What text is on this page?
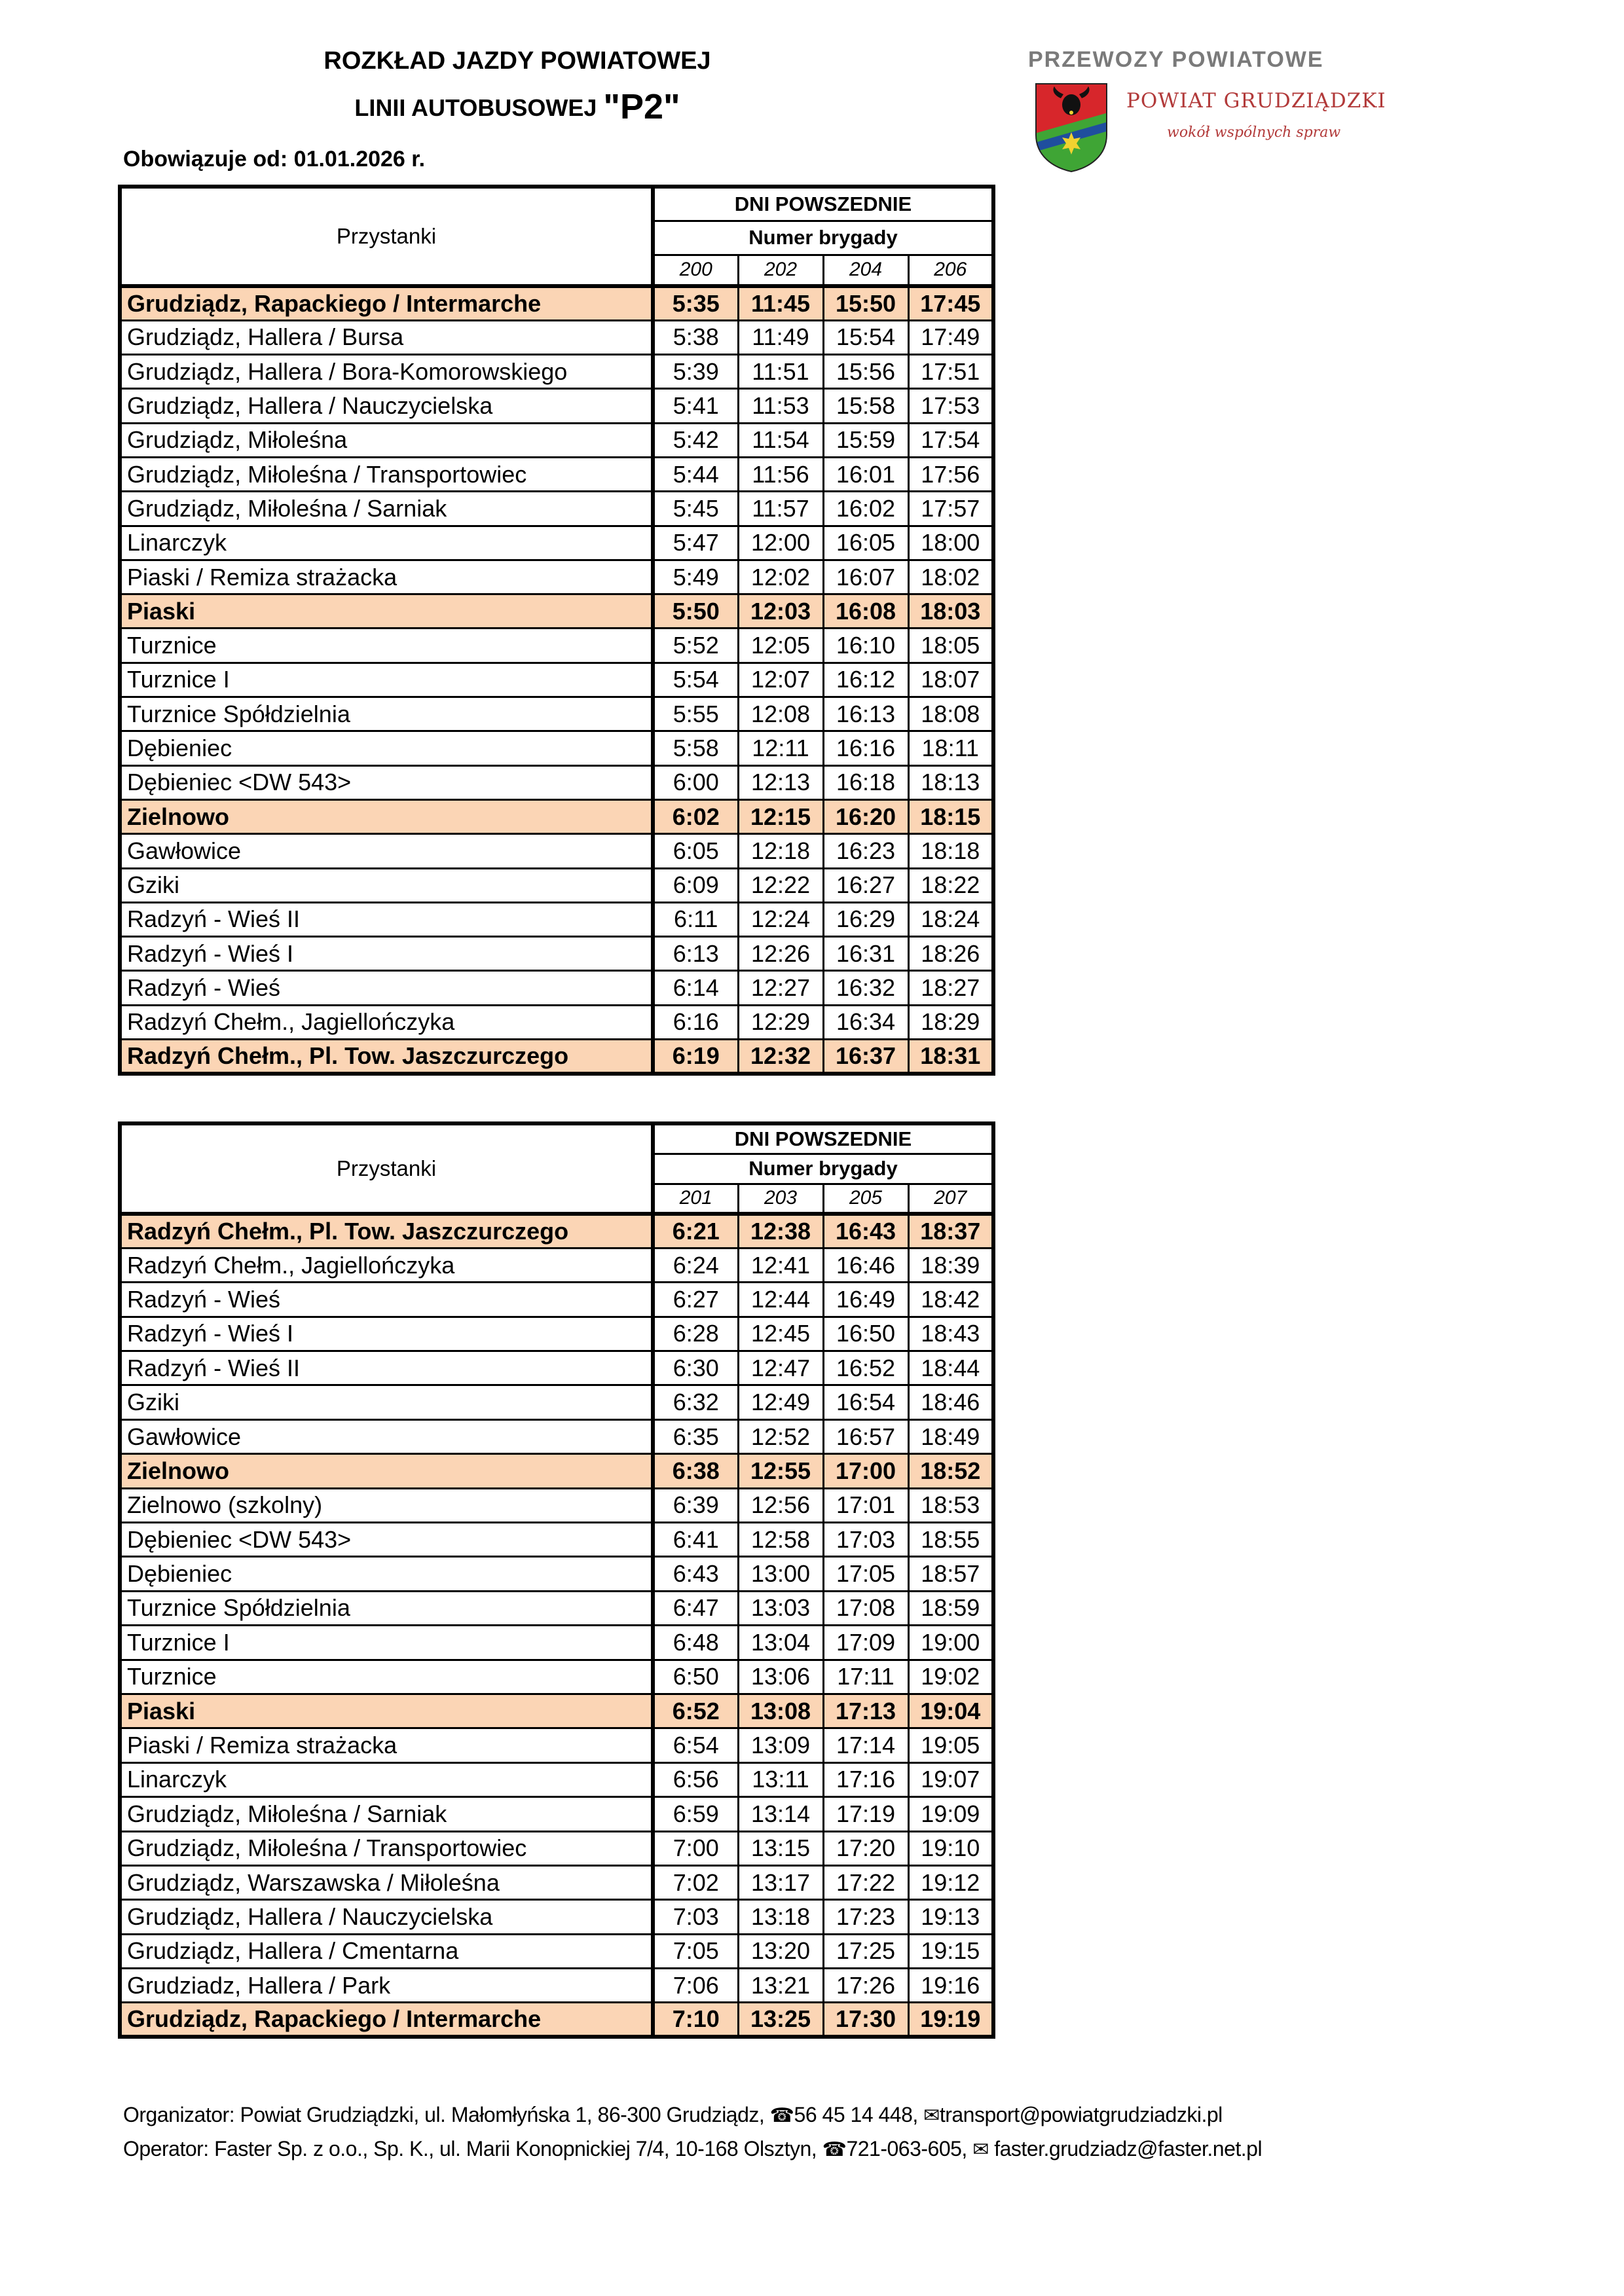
ROZKŁAD JAZDY POWIATOWEJ
LINII AUTOBUSOWEJ "P2"
Obowiązuje od: 01.01.2026 r.
PRZEWOZY POWIATOWE
POWIAT GRUDZIĄDZKI
wokół wspólnych spraw
Przystanki	DNI POWSZEDNIE			
	Numer brygady			
	200	202	204	206
Grudziądz, Rapackiego / Intermarche	5:35	11:45	15:50	17:45
Grudziądz, Hallera / Bursa	5:38	11:49	15:54	17:49
Grudziądz, Hallera / Bora-Komorowskiego	5:39	11:51	15:56	17:51
Grudziądz, Hallera / Nauczycielska	5:41	11:53	15:58	17:53
Grudziądz, Miłoleśna	5:42	11:54	15:59	17:54
Grudziądz, Miłoleśna / Transportowiec	5:44	11:56	16:01	17:56
Grudziądz, Miłoleśna / Sarniak	5:45	11:57	16:02	17:57
Linarczyk	5:47	12:00	16:05	18:00
Piaski / Remiza strażacka	5:49	12:02	16:07	18:02
Piaski	5:50	12:03	16:08	18:03
Turznice	5:52	12:05	16:10	18:05
Turznice I	5:54	12:07	16:12	18:07
Turznice Spółdzielnia	5:55	12:08	16:13	18:08
Dębieniec	5:58	12:11	16:16	18:11
Dębieniec <DW 543>	6:00	12:13	16:18	18:13
Zielnowo	6:02	12:15	16:20	18:15
Gawłowice	6:05	12:18	16:23	18:18
Gziki	6:09	12:22	16:27	18:22
Radzyń - Wieś II	6:11	12:24	16:29	18:24
Radzyń - Wieś I	6:13	12:26	16:31	18:26
Radzyń - Wieś	6:14	12:27	16:32	18:27
Radzyń Chełm., Jagiellończyka	6:16	12:29	16:34	18:29
Radzyń Chełm., Pl. Tow. Jaszczurczego	6:19	12:32	16:37	18:31
Przystanki	DNI POWSZEDNIE			
	Numer brygady			
	201	203	205	207
Radzyń Chełm., Pl. Tow. Jaszczurczego	6:21	12:38	16:43	18:37
Radzyń Chełm., Jagiellończyka	6:24	12:41	16:46	18:39
Radzyń - Wieś	6:27	12:44	16:49	18:42
Radzyń - Wieś I	6:28	12:45	16:50	18:43
Radzyń - Wieś II	6:30	12:47	16:52	18:44
Gziki	6:32	12:49	16:54	18:46
Gawłowice	6:35	12:52	16:57	18:49
Zielnowo	6:38	12:55	17:00	18:52
Zielnowo (szkolny)	6:39	12:56	17:01	18:53
Dębieniec <DW 543>	6:41	12:58	17:03	18:55
Dębieniec	6:43	13:00	17:05	18:57
Turznice Spółdzielnia	6:47	13:03	17:08	18:59
Turznice I	6:48	13:04	17:09	19:00
Turznice	6:50	13:06	17:11	19:02
Piaski	6:52	13:08	17:13	19:04
Piaski / Remiza strażacka	6:54	13:09	17:14	19:05
Linarczyk	6:56	13:11	17:16	19:07
Grudziądz, Miłoleśna / Sarniak	6:59	13:14	17:19	19:09
Grudziądz, Miłoleśna / Transportowiec	7:00	13:15	17:20	19:10
Grudziądz, Warszawska / Miłoleśna	7:02	13:17	17:22	19:12
Grudziądz, Hallera / Nauczycielska	7:03	13:18	17:23	19:13
Grudziądz, Hallera / Cmentarna	7:05	13:20	17:25	19:15
Grudziadz, Hallera / Park	7:06	13:21	17:26	19:16
Grudziądz, Rapackiego / Intermarche	7:10	13:25	17:30	19:19
Organizator: Powiat Grudziądzki, ul. Małomłyńska 1, 86-300 Grudziądz, ☎56 45 14 448, ✉transport@powiatgrudziadzki.pl
Operator: Faster Sp. z o.o., Sp. K., ul. Marii Konopnickiej 7/4, 10-168 Olsztyn, ☎721-063-605, ✉ faster.grudziadz@faster.net.pl
